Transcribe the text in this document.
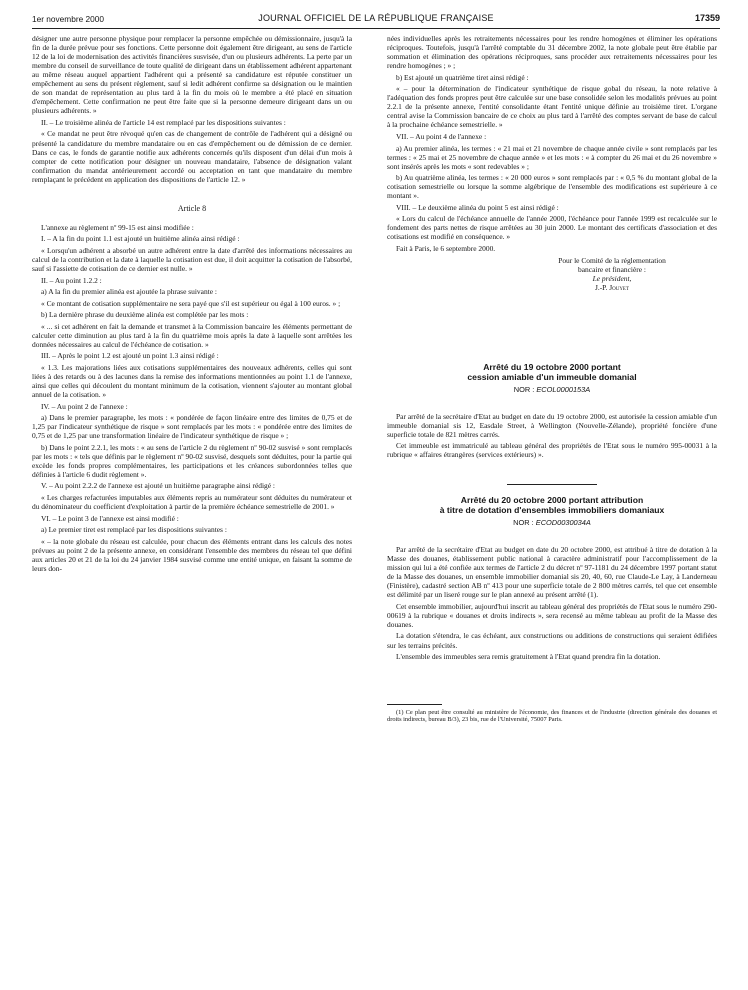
1er novembre 2000	JOURNAL OFFICIEL DE LA RÉPUBLIQUE FRANÇAISE	17359

désigner une autre personne physique pour remplacer la personne empêchée ou démissionnaire, jusqu'à la fin de la durée prévue pour ses fonctions. Cette personne doit également être dirigeant, au sens de l'article 12 de la loi de modernisation des activités financières susvisée, d'un ou plusieurs adhérents. La perte par un membre du conseil de surveillance de toute qualité de dirigeant dans un établissement adhérent appartenant au même réseau auquel appartient l'adhérent qui a présenté sa candidature est réputée constituer un empêchement au sens du présent règlement, sauf si ledit adhérent confirme sa désignation ou le maintien de son mandat de représentation au plus tard à la fin du mois où le membre a été placé en situation d'empêchement. Cette confirmation ne peut être faite que si la personne demeure dirigeant dans un ou plusieurs adhérents. »

II. – Le troisième alinéa de l'article 14 est remplacé par les dispositions suivantes :

« Ce mandat ne peut être révoqué qu'en cas de changement de contrôle de l'adhérent qui a désigné ou présenté la candidature du membre mandataire ou en cas d'empêchement ou de démission de ce dernier. Dans ce cas, le fonds de garantie notifie aux adhérents concernés qu'ils disposent d'un délai d'un mois à compter de cette notification pour désigner un nouveau mandataire, l'absence de désignation valant confirmation du mandat antérieurement accordé ou acceptation en tant que mandataire du membre remplaçant le précédent en application des dispositions de l'article 12. »

Article 8

L'annexe au règlement nº 99-15 est ainsi modifiée :

I. – A la fin du point 1.1 est ajouté un huitième alinéa ainsi rédigé :

« Lorsqu'un adhérent a absorbé un autre adhérent entre la date d'arrêté des informations nécessaires au calcul de la contribution et la date à laquelle la cotisation est due, il doit acquitter la cotisation de l'absorbé, sauf si l'assiette de cotisation de ce dernier est nulle. »

II. – Au point 1.2.2 :

a) A la fin du premier alinéa est ajoutée la phrase suivante :

« Ce montant de cotisation supplémentaire ne sera payé que s'il est supérieur ou égal à 100 euros. » ;

b) La dernière phrase du deuxième alinéa est complétée par les mots :

« ... si cet adhérent en fait la demande et transmet à la Commission bancaire les éléments permettant de calculer cette diminution au plus tard à la fin du quatrième mois après la date à laquelle sont arrêtées les données nécessaires au calcul de l'échéance de cotisation. »

III. – Après le point 1.2 est ajouté un point 1.3 ainsi rédigé :

« 1.3. Les majorations liées aux cotisations supplémentaires des nouveaux adhérents, celles qui sont liées à des retards ou à des lacunes dans la remise des informations mentionnées au point 1.1 de l'annexe, ainsi que celles qui découlent du montant minimum de la cotisation, viennent s'ajouter au montant global annuel de la cotisation. »

IV. – Au point 2 de l'annexe :

a) Dans le premier paragraphe, les mots : « pondérée de façon linéaire entre des limites de 0,75 et de 1,25 par l'indicateur synthétique de risque » sont remplacés par les mots : « pondérée entre des limites de 0,75 et de 1,25 par une transformation linéaire de l'indicateur synthétique de risque » ;

b) Dans le point 2.2.1, les mots : « au sens de l'article 2 du règlement nº 90-02 susvisé » sont remplacés par les mots : « tels que définis par le règlement nº 90-02 susvisé, desquels sont déduites, pour la partie qui excède les fonds propres complémentaires, les participations et les créances subordonnées telles que définies à l'article 6 dudit règlement ».

V. – Au point 2.2.2 de l'annexe est ajouté un huitième paragraphe ainsi rédigé :

« Les charges refacturées imputables aux éléments repris au numérateur sont déduites du numérateur et du dénominateur du coefficient d'exploitation à partir de la première échéance semestrielle de 2001. »

VI. – Le point 3 de l'annexe est ainsi modifié :

a) Le premier tiret est remplacé par les dispositions suivantes :

« – la note globale du réseau est calculée, pour chacun des éléments entrant dans les calculs des notes prévues au point 2 de la présente annexe, en considérant l'ensemble des membres du réseau tel que défini aux articles 20 et 21 de la loi du 24 janvier 1984 susvisé comme une entité unique, en faisant la somme de leurs don-

nées individuelles après les retraitements nécessaires pour les rendre homogènes et éliminer les opérations réciproques. Toutefois, jusqu'à l'arrêté comptable du 31 décembre 2002, la note globale peut être établie par sommation et élimination des opérations réciproques, sans procéder aux retraitements nécessaires pour les rendre homogènes ; » ;

b) Est ajouté un quatrième tiret ainsi rédigé :

« – pour la détermination de l'indicateur synthétique de risque gobal du réseau, la note relative à l'adéquation des fonds propres peut être calculée sur une base consolidée selon les modalités prévues au point 2.2.1 de la présente annexe, l'entité consolidante étant l'entité unique définie au troisième tiret. L'organe central avise la Commission bancaire de ce choix au plus tard à l'arrêté des comptes servant de base de calcul à la prochaine échéance semestrielle. »

VII. – Au point 4 de l'annexe :

a) Au premier alinéa, les termes : « 21 mai et 21 novembre de chaque année civile » sont remplacés par les termes : « 25 mai et 25 novembre de chaque année » et les mots : « à compter du 26 mai et du 26 novembre » sont insérés après les mots « sont redevables » ;

b) Au quatrième alinéa, les termes : « 20 000 euros » sont remplacés par : « 0,5 % du montant global de la cotisation semestrielle ou lorsque la somme algébrique de l'ensemble des modifications est supérieure à ce montant ».

VIII. – Le deuxième alinéa du point 5 est ainsi rédigé :

« Lors du calcul de l'échéance annuelle de l'année 2000, l'échéance pour l'année 1999 est recalculée sur le fondement des parts nettes de risque arrêtées au 30 juin 2000. Le montant des certificats d'association et des cotisations est modifié en conséquence. »

Fait à Paris, le 6 septembre 2000.

Pour le Comité de la réglementation
bancaire et financière :
Le président,
J.-P. Jouyet
Arrêté du 19 octobre 2000 portant
cession amiable d'un immeuble domanial
NOR : ECOL0000153A

Par arrêté de la secrétaire d'Etat au budget en date du 19 octobre 2000, est autorisée la cession amiable d'un immeuble domanial sis 12, Easdale Street, à Wellington (Nouvelle-Zélande), propriété foncière d'une superficie totale de 821 mètres carrés.

Cet immeuble est immatriculé au tableau général des propriétés de l'Etat sous le numéro 995-00031 à la rubrique « affaires étrangères (services extérieurs) ».

Arrêté du 20 octobre 2000 portant attribution
à titre de dotation d'ensembles immobiliers domaniaux
NOR : ECOD0030034A

Par arrêté de la secrétaire d'Etat au budget en date du 20 octobre 2000, est attribué à titre de dotation à la Masse des douanes, établissement public national à caractère administratif pour l'accomplissement de la mission qui lui a été confiée aux termes de l'article 2 du décret nº 97-1181 du 24 décembre 1997 portant statut de la Masse des douanes, un ensemble immobilier domanial sis 20, 40, 60, rue Claude-Le Lay, à Landerneau (Finistère), cadastré section AB nº 413 pour une superficie totale de 2 800 mètres carrés, tel que cet ensemble est délimité par un liseré rouge sur le plan annexé au présent arrêté (1).

Cet ensemble immobilier, aujourd'hui inscrit au tableau général des propriétés de l'Etat sous le numéro 290-00619 à la rubrique « douanes et droits indirects », sera recensé au même tableau au profit de la Masse des douanes.

La dotation s'étendra, le cas échéant, aux constructions ou additions de constructions qui seraient édifiées sur les terrains précités.

L'ensemble des immeubles sera remis gratuitement à l'Etat quand prendra fin la dotation.

(1) Ce plan peut être consulté au ministère de l'économie, des finances et de l'industrie (direction générale des douanes et droits indirects, bureau B/3), 23 bis, rue de l'Université, 75007 Paris.
